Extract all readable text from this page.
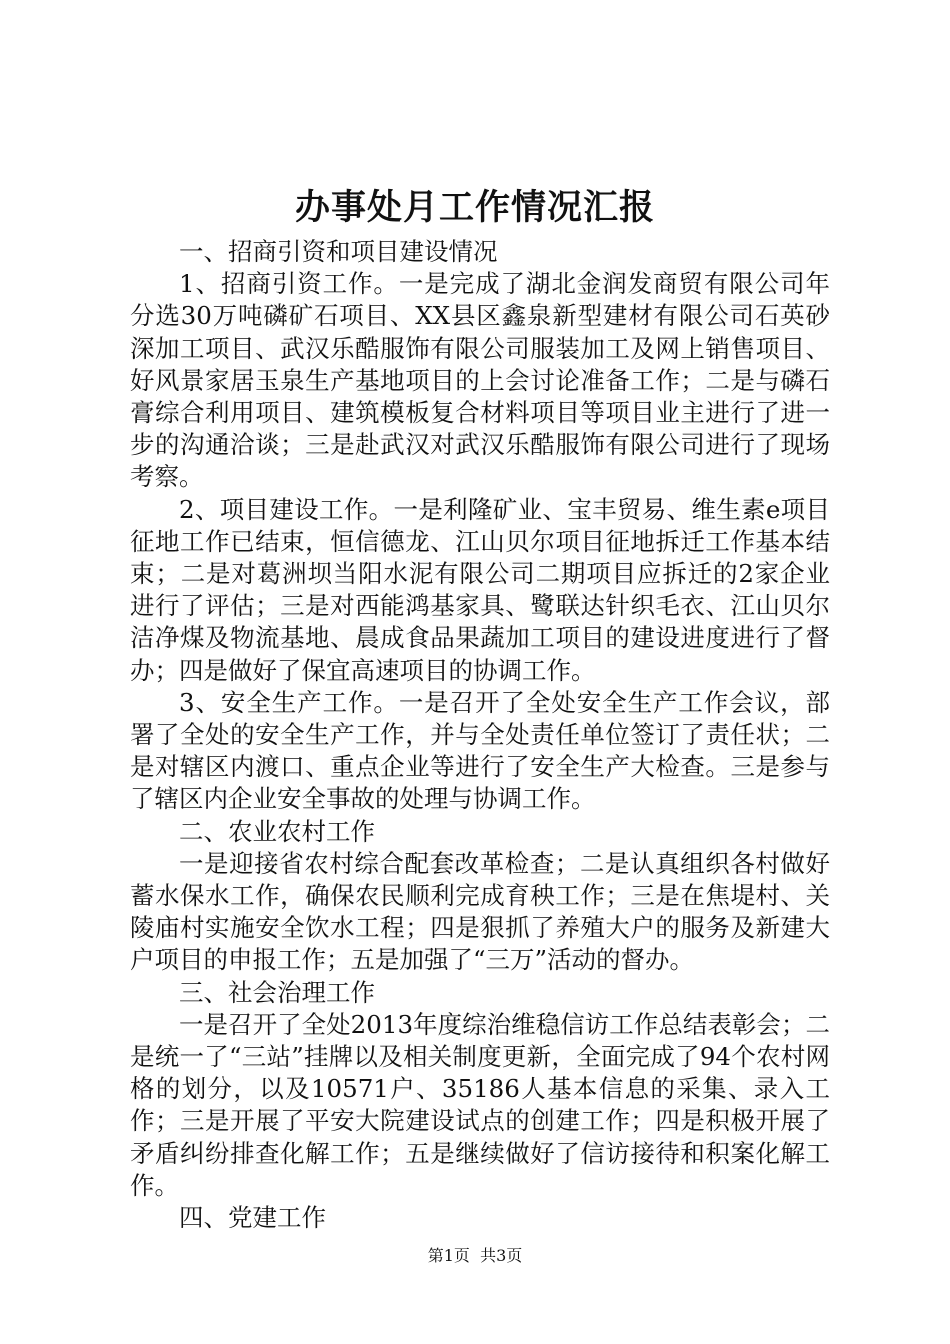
办事处月工作情况汇报

一、招商引资和项目建设情况

1、招商引资工作。一是完成了湖北金润发商贸有限公司年分选30万吨磷矿石项目、XX县区鑫泉新型建材有限公司石英砂深加工项目、武汉乐酷服饰有限公司服装加工及网上销售项目、好风景家居玉泉生产基地项目的上会讨论准备工作；二是与磷石膏综合利用项目、建筑模板复合材料项目等项目业主进行了进一步的沟通洽谈；三是赴武汉对武汉乐酷服饰有限公司进行了现场考察。

2、项目建设工作。一是利隆矿业、宝丰贸易、维生素e项目征地工作已结束，恒信德龙、江山贝尔项目征地拆迁工作基本结束；二是对葛洲坝当阳水泥有限公司二期项目应拆迁的2家企业进行了评估；三是对西能鸿基家具、鹭联达针织毛衣、江山贝尔洁净煤及物流基地、晨成食品果蔬加工项目的建设进度进行了督办；四是做好了保宜高速项目的协调工作。

3、安全生产工作。一是召开了全处安全生产工作会议，部署了全处的安全生产工作，并与全处责任单位签订了责任状；二是对辖区内渡口、重点企业等进行了安全生产大检查。三是参与了辖区内企业安全事故的处理与协调工作。

二、农业农村工作

一是迎接省农村综合配套改革检查；二是认真组织各村做好蓄水保水工作，确保农民顺利完成育秧工作；三是在焦堤村、关陵庙村实施安全饮水工程；四是狠抓了养殖大户的服务及新建大户项目的申报工作；五是加强了“三万”活动的督办。

三、社会治理工作

一是召开了全处2013年度综治维稳信访工作总结表彰会；二是统一了“三站”挂牌以及相关制度更新，全面完成了94个农村网格的划分，以及10571户、35186人基本信息的采集、录入工作；三是开展了平安大院建设试点的创建工作；四是积极开展了矛盾纠纷排查化解工作；五是继续做好了信访接待和积案化解工作。

四、党建工作

第1页  共3页
